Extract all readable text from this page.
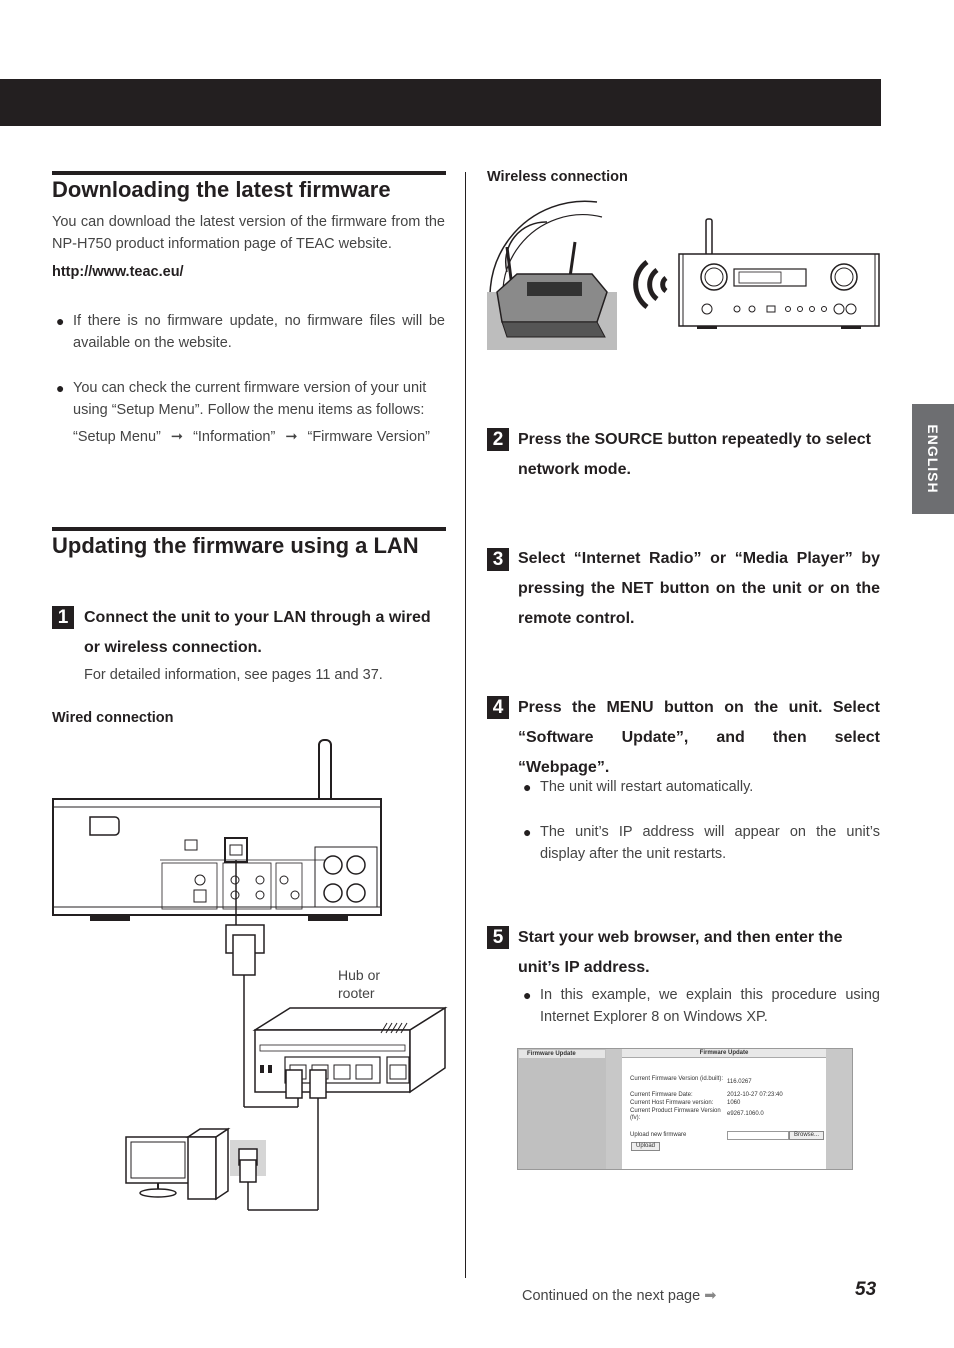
ENGLISH
Downloading the latest firmware
You can download the latest version of the firmware from the NP-H750 product information page of TEAC website.
http://www.teac.eu/
● If there is no firmware update, no firmware files will be available on the website.
● You can check the current firmware version of your unit using “Setup Menu”. Follow the menu items as follows:
“Setup Menu” ➞ “Information” ➞ “Firmware Version”
Updating the firmware using a LAN
1 Connect the unit to your LAN through a wired or wireless connection.
For detailed information, see pages 11 and 37.
Wired connection
Hub or
rooter
Wireless connection
2 Press the SOURCE button repeatedly to select network mode.
3 Select “Internet Radio” or “Media Player” by pressing the NET button on the unit or on the remote control.
4 Press the MENU button on the unit. Select “Software Update”, and then select “Webpage”.
● The unit will restart automatically.
● The unit’s IP address will appear on the unit’s display after the unit restarts.
5 Start your web browser, and then enter the unit’s IP address.
● In this example, we explain this procedure using Internet Explorer 8 on Windows XP.
Firmware Update	Firmware Update
Current Firmware Version (id.built): 116.0267
Current Firmware Date:	2012-10-27 07:23:40
Current Host Firmware version: 1060
Current Product Firmware Version (fv):
e9267.1060.0
Upload new firmware	Browse...
Upload
Continued on the next page ➡	53
